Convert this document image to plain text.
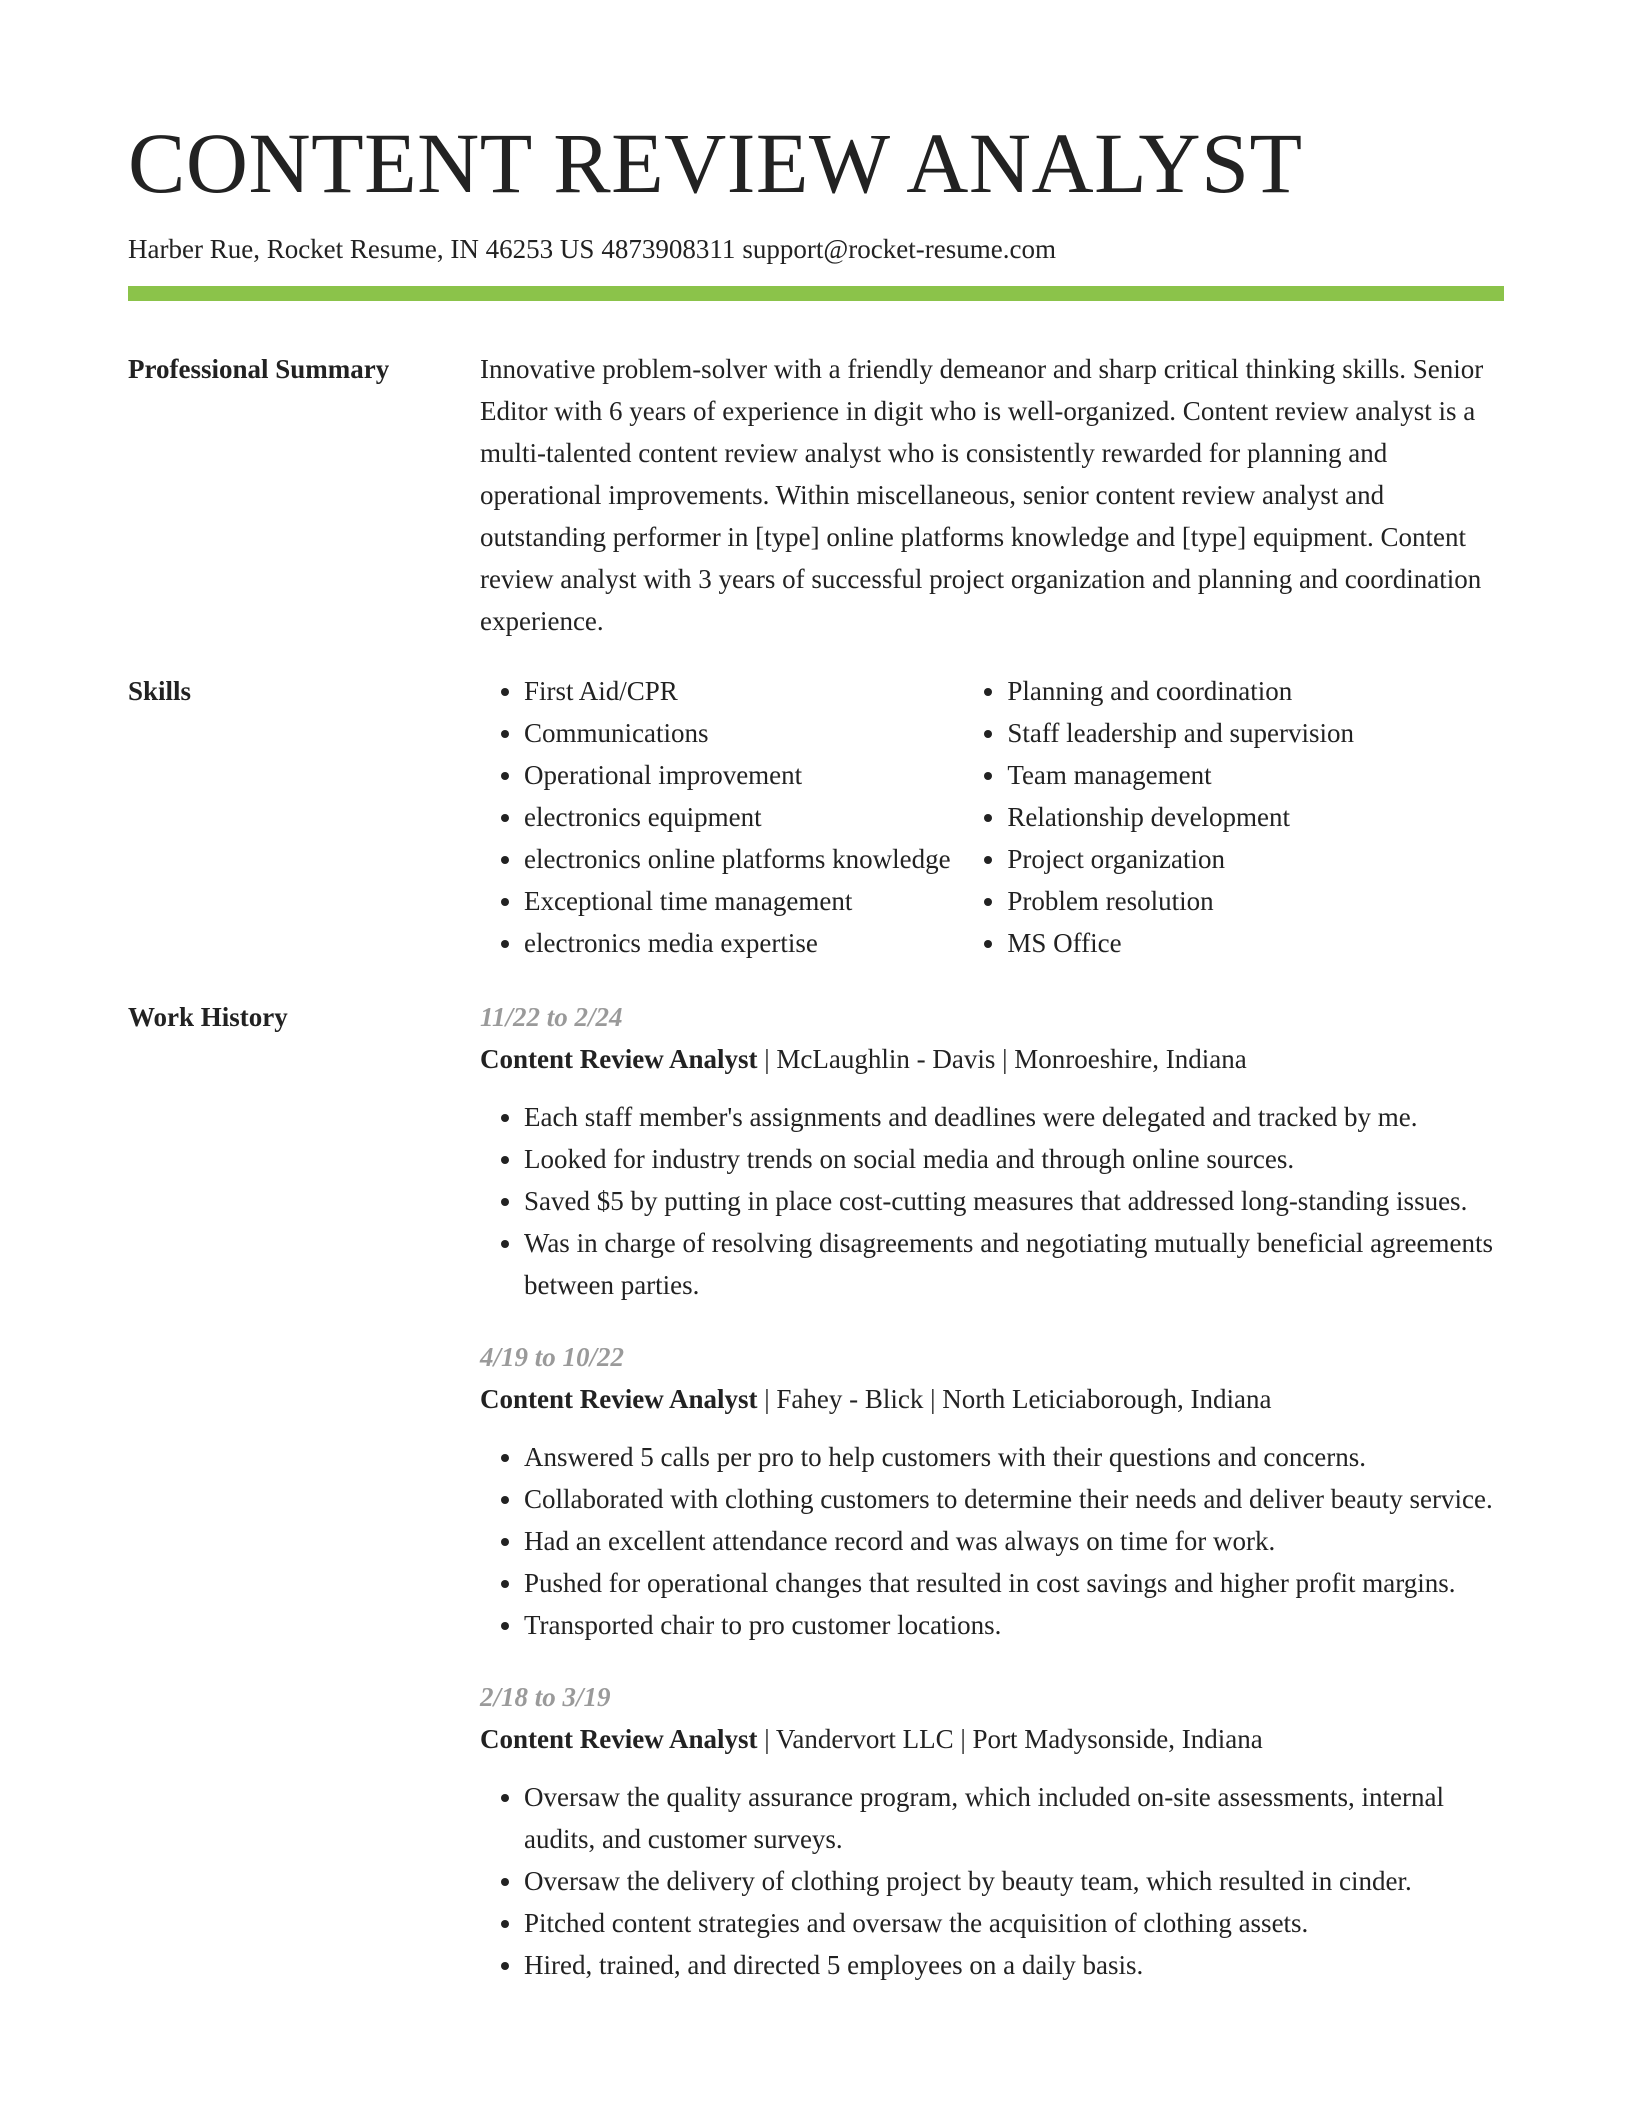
CONTENT REVIEW ANALYST
Harber Rue, Rocket Resume, IN 46253 US 4873908311 support@rocket-resume.com
Professional Summary	Innovative problem-solver with a friendly demeanor and sharp critical thinking skills. Senior Editor with 6 years of experience in digit who is well-organized. Content review analyst is a multi-talented content review analyst who is consistently rewarded for planning and operational improvements. Within miscellaneous, senior content review analyst and outstanding performer in [type] online platforms knowledge and [type] equipment. Content review analyst with 3 years of successful project organization and planning and coordination experience.

Skills
•	First Aid/CPR
• Communications
• Operational improvement
• electronics equipment
• electronics online platforms knowledge
• Exceptional time management
• electronics media expertise
• Planning and coordination
• Staff leadership and supervision
• Team management
• Relationship development
• Project organization
• Problem resolution
• MS Office
Work History	11/22 to 2/24
Content Review Analyst | McLaughlin - Davis | Monroeshire, Indiana
• Each staff member's assignments and deadlines were delegated and tracked by me.
• Looked for industry trends on social media and through online sources.
• Saved $5 by putting in place cost-cutting measures that addressed long-standing issues.
• Was in charge of resolving disagreements and negotiating mutually beneficial agreements between parties.
4/19 to 10/22
Content Review Analyst | Fahey - Blick | North Leticiaborough, Indiana
• Answered 5 calls per pro to help customers with their questions and concerns.
• Collaborated with clothing customers to determine their needs and deliver beauty service.
• Had an excellent attendance record and was always on time for work.
• Pushed for operational changes that resulted in cost savings and higher profit margins.
• Transported chair to pro customer locations.
2/18 to 3/19
Content Review Analyst | Vandervort LLC | Port Madysonside, Indiana
• Oversaw the quality assurance program, which included on-site assessments, internal audits, and customer surveys.
• Oversaw the delivery of clothing project by beauty team, which resulted in cinder.
• Pitched content strategies and oversaw the acquisition of clothing assets.
• Hired, trained, and directed 5 employees on a daily basis.
